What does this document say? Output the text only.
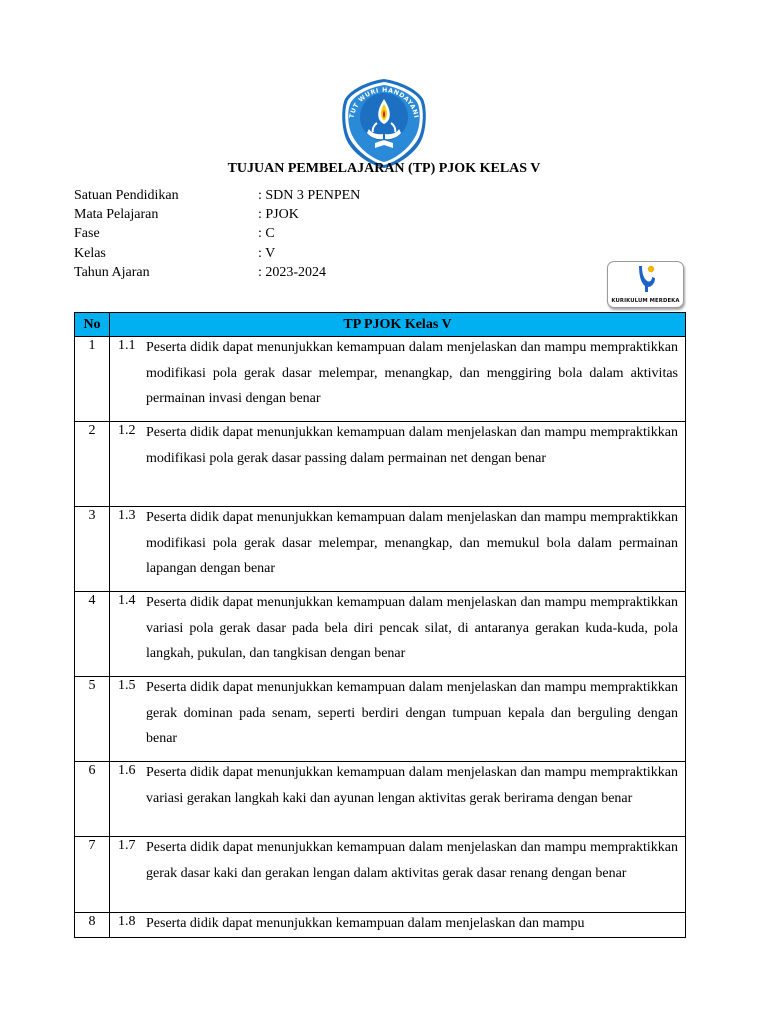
TUT WURI HANDAYANI
KURIKULUM MERDEKA
TUJUAN PEMBELAJARAN (TP) PJOK KELAS V
Satuan Pendidikan	: SDN 3 PENPEN
Mata Pelajaran	: PJOK
Fase	: C
Kelas	: V
Tahun Ajaran	: 2023-2024
No	TP PJOK Kelas V
1	1.1 Peserta didik dapat menunjukkan kemampuan dalam menjelaskan dan mampu mempraktikkan modifikasi pola gerak dasar melempar, menangkap, dan menggiring bola dalam aktivitas permainan invasi dengan benar

2	1.2 Peserta didik dapat menunjukkan kemampuan dalam menjelaskan dan mampu mempraktikkan modifikasi pola gerak dasar passing dalam permainan net dengan benar

3	1.3 Peserta didik dapat menunjukkan kemampuan dalam menjelaskan dan mampu mempraktikkan modifikasi pola gerak dasar melempar, menangkap, dan memukul bola dalam permainan lapangan dengan benar

4	1.4 Peserta didik dapat menunjukkan kemampuan dalam menjelaskan dan mampu mempraktikkan variasi pola gerak dasar pada bela diri pencak silat, di antaranya gerakan kuda-kuda, pola langkah, pukulan, dan tangkisan dengan benar

5	1.5 Peserta didik dapat menunjukkan kemampuan dalam menjelaskan dan mampu mempraktikkan gerak dominan pada senam, seperti berdiri dengan tumpuan kepala dan berguling dengan benar

6	1.6 Peserta didik dapat menunjukkan kemampuan dalam menjelaskan dan mampu mempraktikkan variasi gerakan langkah kaki dan ayunan lengan aktivitas gerak berirama dengan benar

7	1.7 Peserta didik dapat menunjukkan kemampuan dalam menjelaskan dan mampu mempraktikkan gerak dasar kaki dan gerakan lengan dalam aktivitas gerak dasar renang dengan benar

8	1.8 Peserta didik dapat menunjukkan kemampuan dalam menjelaskan dan mampu
